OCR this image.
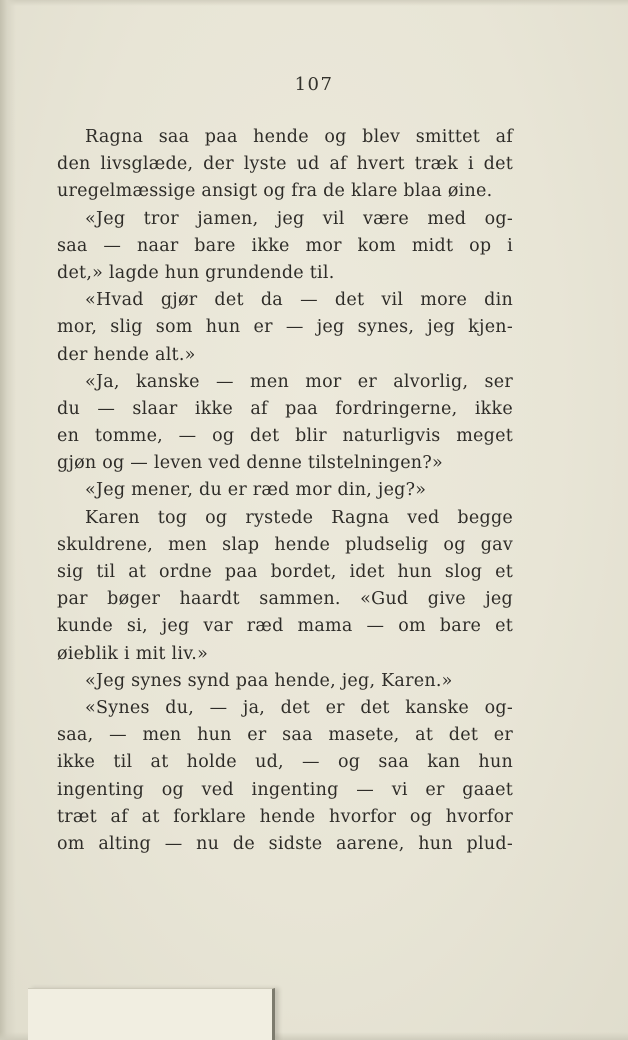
107
Ragna saa paa hende og blev smittet af
den livsglæde, der lyste ud af hvert træk i det
uregelmæssige ansigt og fra de klare blaa øine.
«Jeg tror jamen, jeg vil være med og-
saa — naar bare ikke mor kom midt op i
det,» lagde hun grundende til.
«Hvad gjør det da — det vil more din
mor, slig som hun er — jeg synes, jeg kjen-
der hende alt.»
«Ja, kanske — men mor er alvorlig, ser
du — slaar ikke af paa fordringerne, ikke
en tomme, — og det blir naturligvis meget
gjøn og — leven ved denne tilstelningen?»
«Jeg mener, du er ræd mor din, jeg?»
Karen tog og rystede Ragna ved begge
skuldrene, men slap hende pludselig og gav
sig til at ordne paa bordet, idet hun slog et
par bøger haardt sammen. «Gud give jeg
kunde si, jeg var ræd mama — om bare et
øieblik i mit liv.»
«Jeg synes synd paa hende, jeg, Karen.»
«Synes du, — ja, det er det kanske og-
saa, — men hun er saa masete, at det er
ikke til at holde ud, — og saa kan hun
ingenting og ved ingenting — vi er gaaet
træt af at forklare hende hvorfor og hvorfor
om alting — nu de sidste aarene, hun plud-
